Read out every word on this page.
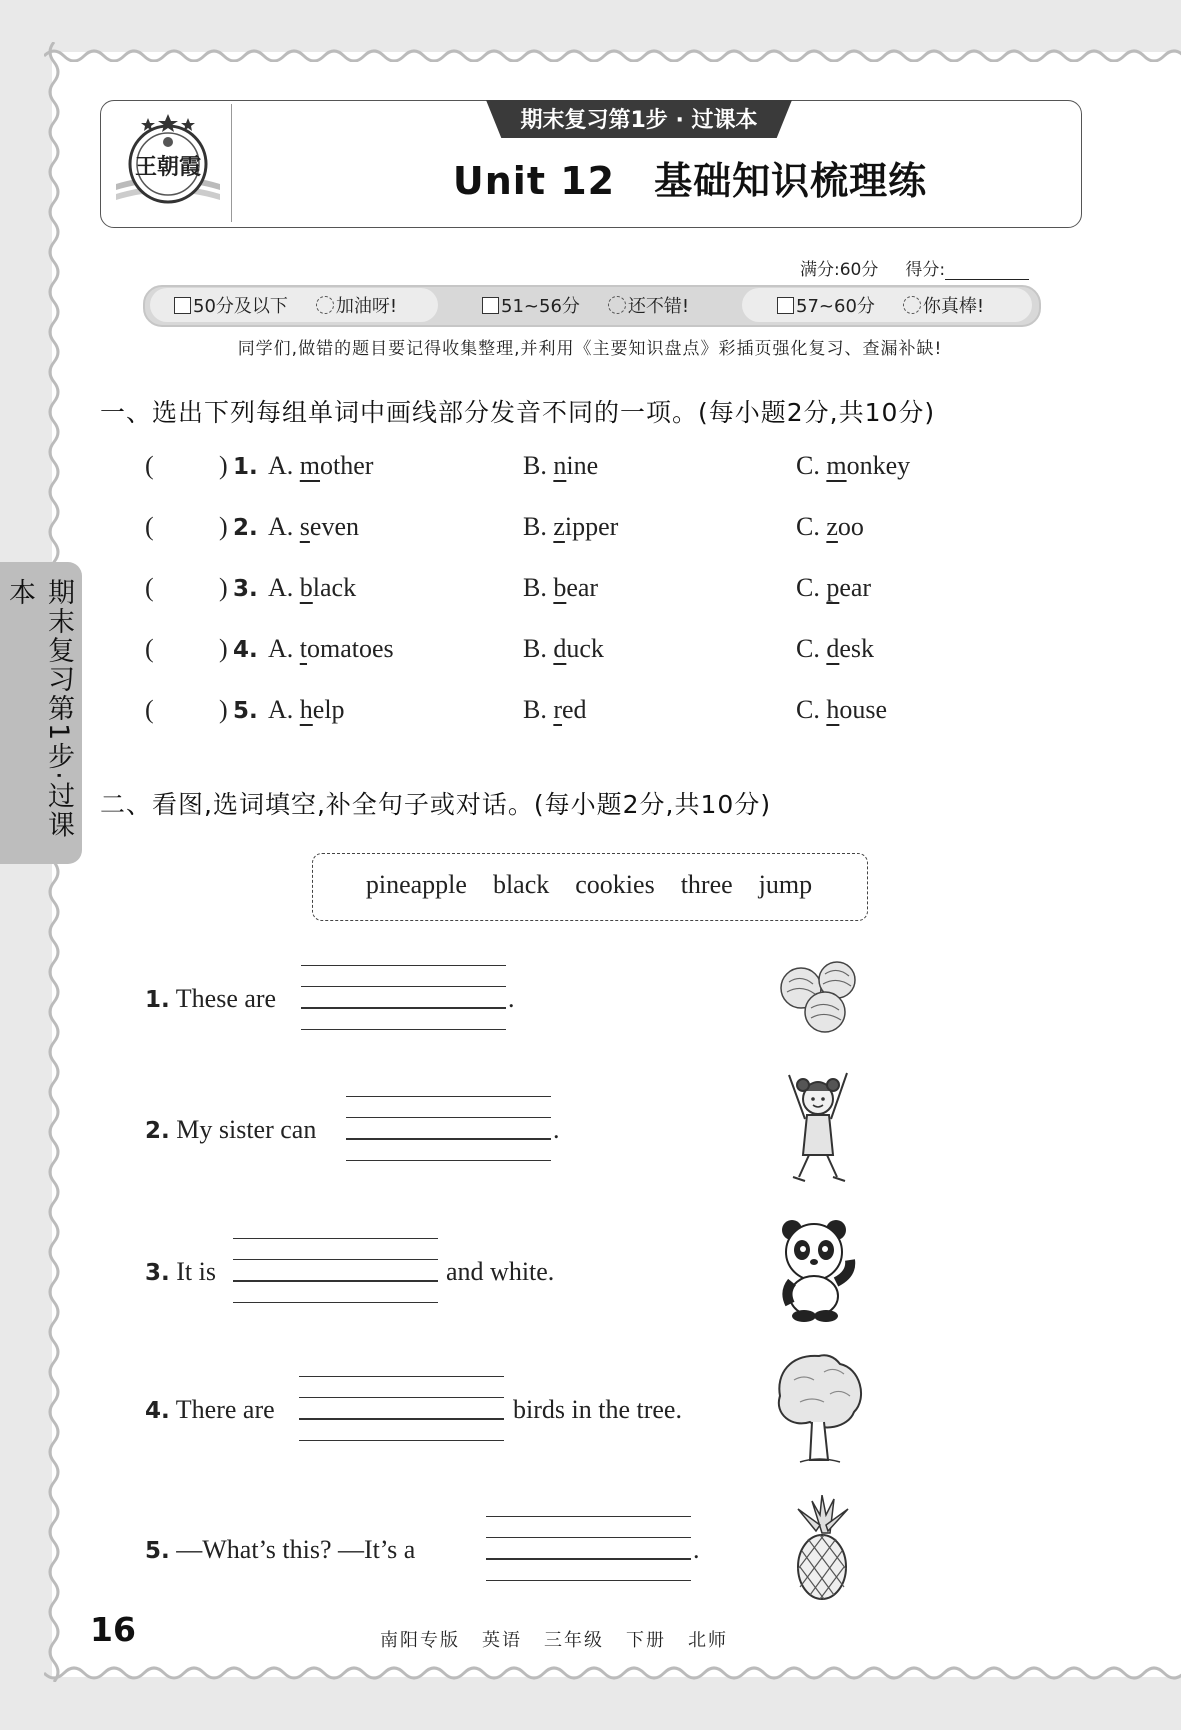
期末复习第1步·过课本
王朝霞
期末复习第1步 · 过课本
Unit 12　基础知识梳理练
满分:60分 得分:
50分及以下	加油呀!	51~56分	还不错!	57~60分	你真棒!
同学们,做错的题目要记得收集整理,并利用《主要知识盘点》彩插页强化复习、查漏补缺!
一、选出下列每组单词中画线部分发音不同的一项。(每小题2分,共10分)
(	) 1. A. mother	B. nine	C. monkey
(	) 2. A. seven	B. zipper	C. zoo
(	) 3. A. black	B. bear	C. pear
(	) 4. A. tomatoes	B. duck	C. desk
(	) 5. A. help	B. red	C. house
二、看图,选词填空,补全句子或对话。(每小题2分,共10分)
pineapple black cookies three jump
1. These are	.
2. My sister can	.
3. It is	and white.
4. There are	birds in the tree.
5. —What’s this? —It’s a	.
16	南阳专版 英语 三年级 下册 北师
